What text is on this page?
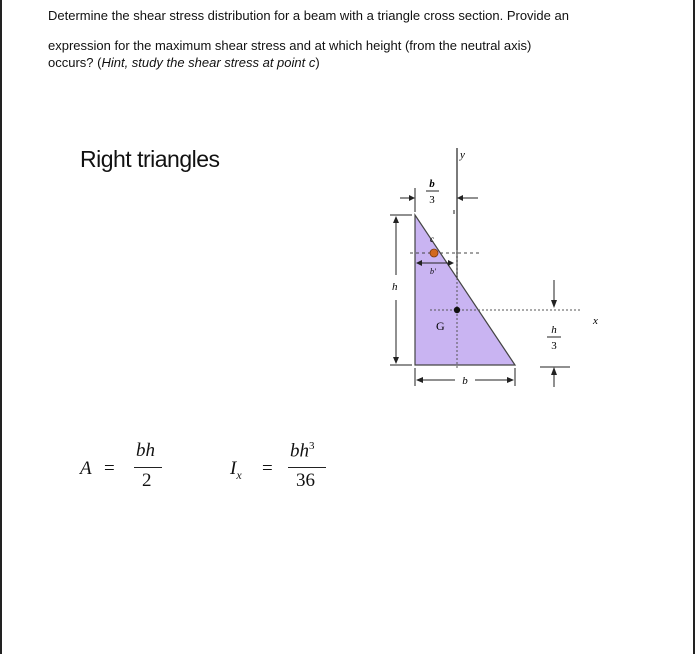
Determine the shear stress distribution for a beam with a triangle cross section. Provide an
expression for the maximum shear stress and at which height (from the neutral axis)
occurs? (Hint, study the shear stress at point c)
Right triangles	y
G	x
c
b'
b
3
h
b
h
3
A =
bh
2
$I_x$ =
$bh^3$
36
